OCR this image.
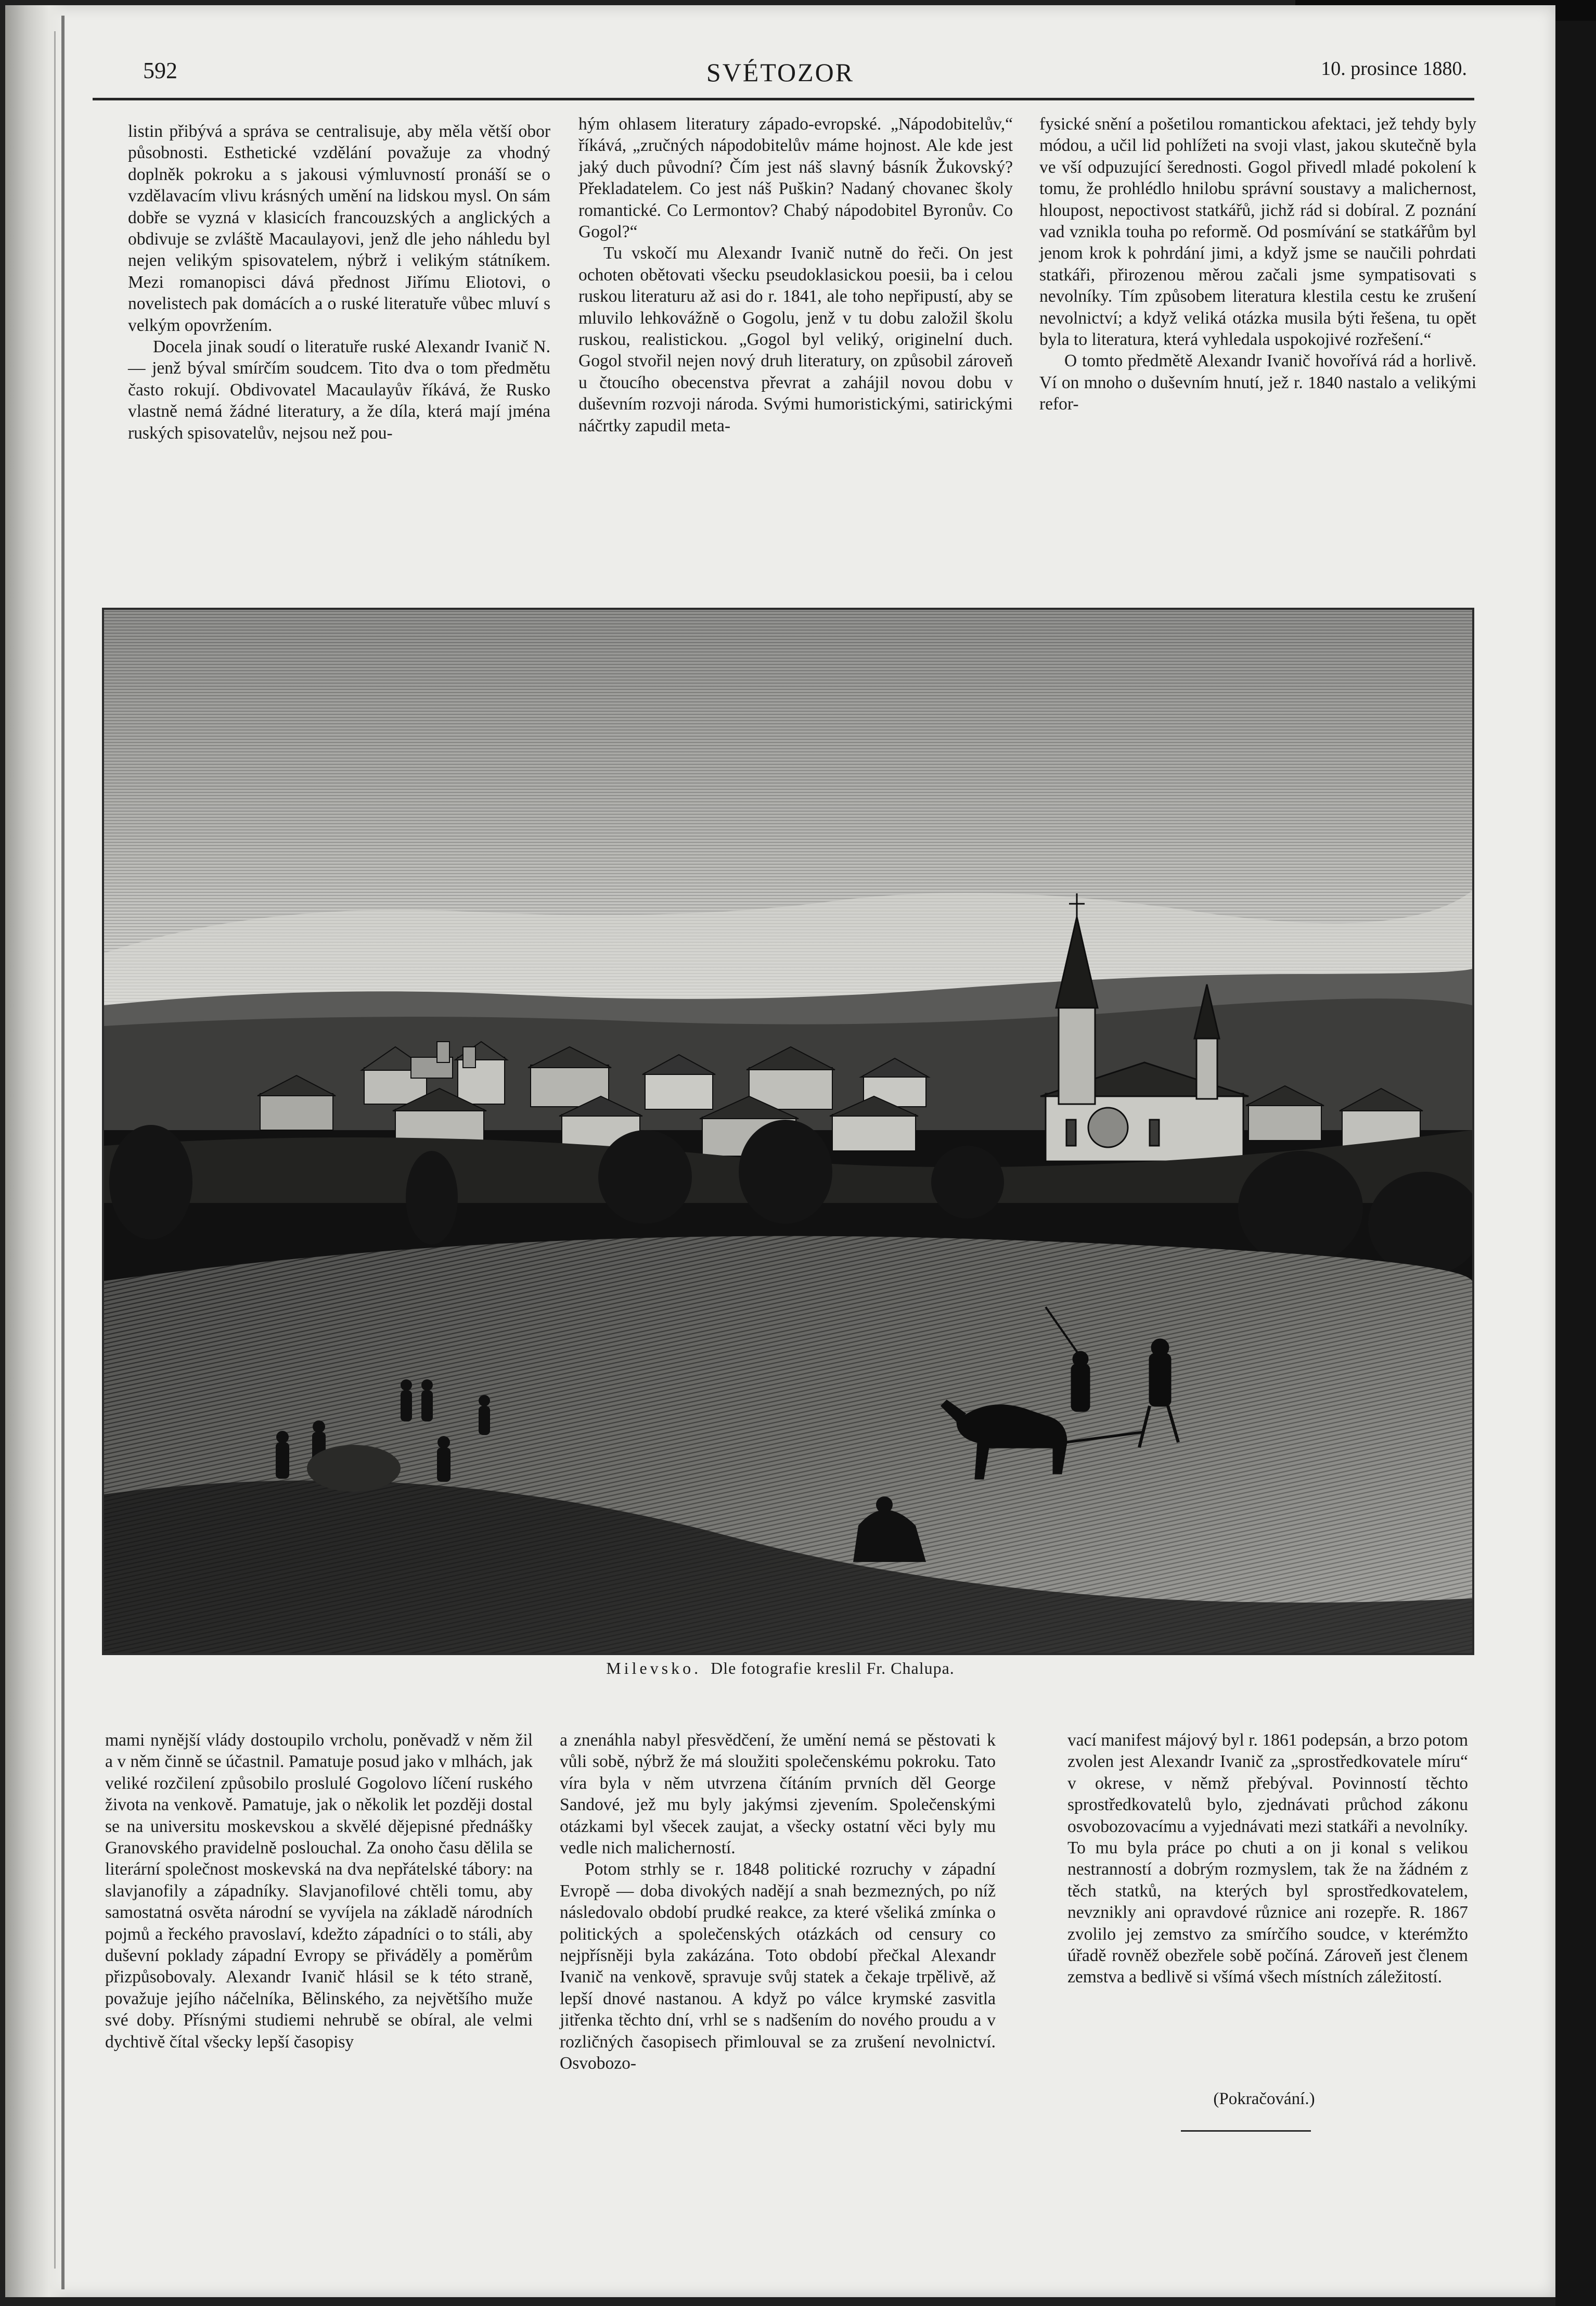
592	SVÉTOZOR	10. prosince 1880.

listin přibývá a správa se centralisuje, aby měla větší obor působnosti. Esthetické vzdělání považuje za vhodný doplněk pokroku a s jakousi výmluvností pronáší se o vzdělavacím vlivu krásných umění na lidskou mysl. On sám dobře se vyzná v klasicích francouzských a anglických a obdivuje se zvláště Macaulayovi, jenž dle jeho náhledu byl nejen velikým spisovatelem, nýbrž i velikým státníkem. Mezi romanopisci dává přednost Jiřímu Eliotovi, o novelistech pak domácích a o ruské literatuře vůbec mluví s velkým opovržením.

Docela jinak soudí o literatuře ruské Alexandr Ivanič N. — jenž býval smírčím soudcem. Tito dva o tom předmětu často rokují. Obdivovatel Macaulayův říkává, že Rusko vlastně nemá žádné literatury, a že díla, která mají jména ruských spisovatelův, nejsou než pou-

hým ohlasem literatury západo-evropské. „Nápodobitelův,“ říkává, „zručných nápodobitelův máme hojnost. Ale kde jest jaký duch původní? Čím jest náš slavný básník Žukovský? Překladatelem. Co jest náš Puškin? Nadaný chovanec školy romantické. Co Lermontov? Chabý nápodobitel Byronův. Co Gogol?“

Tu vskočí mu Alexandr Ivanič nutně do řeči. On jest ochoten obětovati všecku pseudoklasickou poesii, ba i celou ruskou literaturu až asi do r. 1841, ale toho nepřipustí, aby se mluvilo lehkovážně o Gogolu, jenž v tu dobu založil školu ruskou, realistickou. „Gogol byl veliký, originelní duch. Gogol stvořil nejen nový druh literatury, on způsobil zároveň u čtoucího obecenstva převrat a zahájil novou dobu v duševním rozvoji národa. Svými humoristickými, satirickými náčrtky zapudil meta-

fysické snění a pošetilou romantickou afektaci, jež tehdy byly módou, a učil lid pohlížeti na svoji vlast, jakou skutečně byla ve vší odpuzující šerednosti. Gogol přivedl mladé pokolení k tomu, že prohlédlo hnilobu správní soustavy a malichernost, hloupost, nepoctivost statkářů, jichž rád si dobíral. Z poznání vad vznikla touha po reformě. Od posmívání se statkářům byl jenom krok k pohrdání jimi, a když jsme se naučili pohrdati statkáři, přirozenou měrou začali jsme sympatisovati s nevolníky. Tím způsobem literatura klestila cestu ke zrušení nevolnictví; a když veliká otázka musila býti řešena, tu opět byla to literatura, která vyhledala uspokojivé rozřešení.“

O tomto předmětě Alexandr Ivanič hovořívá rád a horlivě. Ví on mnoho o duševním hnutí, jež r. 1840 nastalo a velikými refor-

Milevsko. Dle fotografie kreslil Fr. Chalupa.

mami nynější vlády dostoupilo vrcholu, poněvadž v něm žil a v něm činně se účastnil. Pamatuje posud jako v mlhách, jak veliké rozčilení způsobilo proslulé Gogolovo líčení ruského života na venkově. Pamatuje, jak o několik let později dostal se na universitu moskevskou a skvělé dějepisné přednášky Granovského pravidelně poslouchal. Za onoho času dělila se literární společnost moskevská na dva nepřátelské tábory: na slavjanofily a západníky. Slavjanofilové chtěli tomu, aby samostatná osvěta národní se vyvíjela na základě národních pojmů a řeckého pravoslaví, kdežto západníci o to stáli, aby duševní poklady západní Evropy se přiváděly a poměrům přizpůsobovaly. Alexandr Ivanič hlásil se k této straně, považuje jejího náčelníka, Bělinského, za největšího muže své doby. Přísnými studiemi nehrubě se obíral, ale velmi dychtivě čítal všecky lepší časopisy

a znenáhla nabyl přesvědčení, že umění nemá se pěstovati k vůli sobě, nýbrž že má sloužiti společenskému pokroku. Tato víra byla v něm utvrzena čítáním prvních děl George Sandové, jež mu byly jakýmsi zjevením. Společenskými otázkami byl všecek zaujat, a všecky ostatní věci byly mu vedle nich malicherností.

Potom strhly se r. 1848 politické rozruchy v západní Evropě — doba divokých nadějí a snah bezmezných, po níž následovalo období prudké reakce, za které všeliká zmínka o politických a společenských otázkách od censury co nejpřísněji byla zakázána. Toto období přečkal Alexandr Ivanič na venkově, spravuje svůj statek a čekaje trpělivě, až lepší dnové nastanou. A když po válce krymské zasvitla jitřenka těchto dní, vrhl se s nadšením do nového proudu a v rozličných časopisech přimlouval se za zrušení nevolnictví. Osvobozo-

vací manifest májový byl r. 1861 podepsán, a brzo potom zvolen jest Alexandr Ivanič za „sprostředkovatele míru“ v okrese, v němž přebýval. Povinností těchto sprostředkovatelů bylo, zjednávati průchod zákonu osvobozovacímu a vyjednávati mezi statkáři a nevolníky. To mu byla práce po chuti a on ji konal s velikou nestranností a dobrým rozmyslem, tak že na žádném z těch statků, na kterých byl sprostředkovatelem, nevznikly ani opravdové různice ani rozepře. R. 1867 zvolilo jej zemstvo za smírčího soudce, v kterémžto úřadě rovněž obezřele sobě počíná. Zároveň jest členem zemstva a bedlivě si všímá všech místních záležitostí.

(Pokračování.)
